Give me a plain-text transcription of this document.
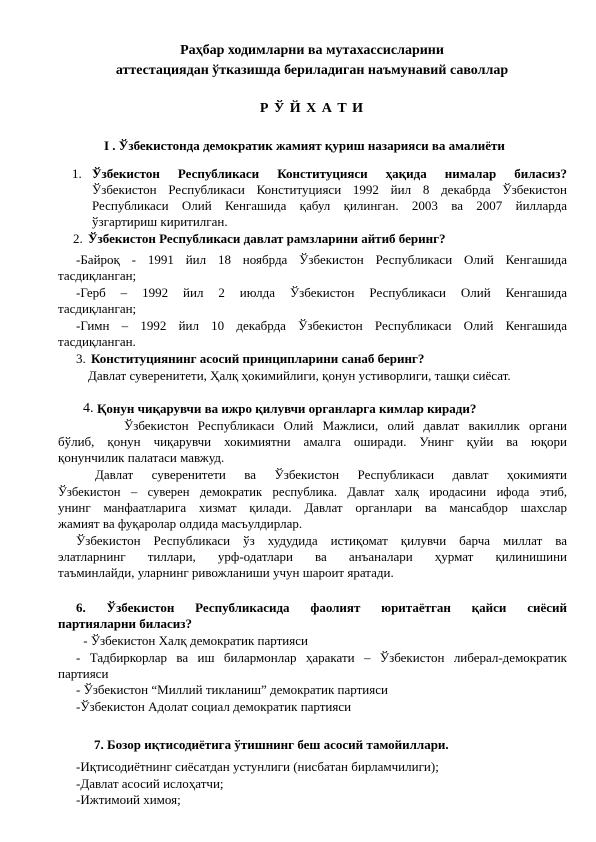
Раҳбар ходимларни ва мутахассисларини
аттестациядан ўтказишда бериладиган наъмунавий саволлар
Р Ў Й Х А Т И
I . Ўзбекистонда демократик жамият қуриш назарияси ва амалиёти
1. Ўзбекистон Республикаси Конституцияси ҳақида нималар биласиз?
Ўзбекистон Республикаси Конституцияси 1992 йил 8 декабрда Ўзбекистон
Республикаси Олий Кенгашида қабул қилинган. 2003 ва 2007 йилларда
ўзгартириш киритилган.
2. Ўзбекистон Республикаси давлат рамзларини айтиб беринг?
-Байроқ - 1991 йил 18 ноябрда Ўзбекистон Республикаси Олий Кенгашида
тасдиқланган;
-Герб – 1992 йил 2 июлда Ўзбекистон Республикаси Олий Кенгашида
тасдиқланган;
-Гимн – 1992 йил 10 декабрда Ўзбекистон Республикаси Олий Кенгашида
тасдиқланган.
3. Конституциянинг асосий принципларини санаб беринг?
Давлат суверенитети, Ҳалқ ҳокимийлиги, қонун устиворлиги, ташқи сиёсат.
4. Қонун чиқарувчи ва ижро қилувчи органларга кимлар киради?
Ўзбекистон Республикаси Олий Мажлиси, олий давлат вакиллик органи
бўлиб, қонун чиқарувчи хокимиятни амалга оширади. Унинг қуйи ва юқори
қонунчилик палатаси мавжуд.
Давлат суверенитети ва Ўзбекистон Республикаси давлат ҳокимияти
Ўзбекистон – суверен демократик республика. Давлат халқ иродасини ифода этиб,
унинг манфаатларига хизмат қилади. Давлат органлари ва мансабдор шахслар
жамият ва фуқаролар олдида масъулдирлар.
Ўзбекистон Республикаси ўз худудида истиқомат қилувчи барча миллат ва
элатларнинг тиллари, урф-одатлари ва анъаналари ҳурмат қилинишини
таъминлайди, уларнинг ривожланиши учун шароит яратади.
6. Ўзбекистон Республикасида фаолият юритаётган қайси сиёсий
партияларни биласиз?
- Ўзбекистон Халқ демократик партияси
- Тадбиркорлар ва иш билармонлар ҳаракати – Ўзбекистон либерал-демократик
партияси
- Ўзбекистон “Миллий тикланиш” демократик партияси
-Ўзбекистон Адолат социал демократик партияси
7. Бозор иқтисодиётига ўтишнинг беш асосий тамойиллари.
-Иқтисодиётнинг сиёсатдан устунлиги (нисбатан бирламчилиги);
-Давлат асосий ислоҳатчи;
-Ижтимоий химоя;
